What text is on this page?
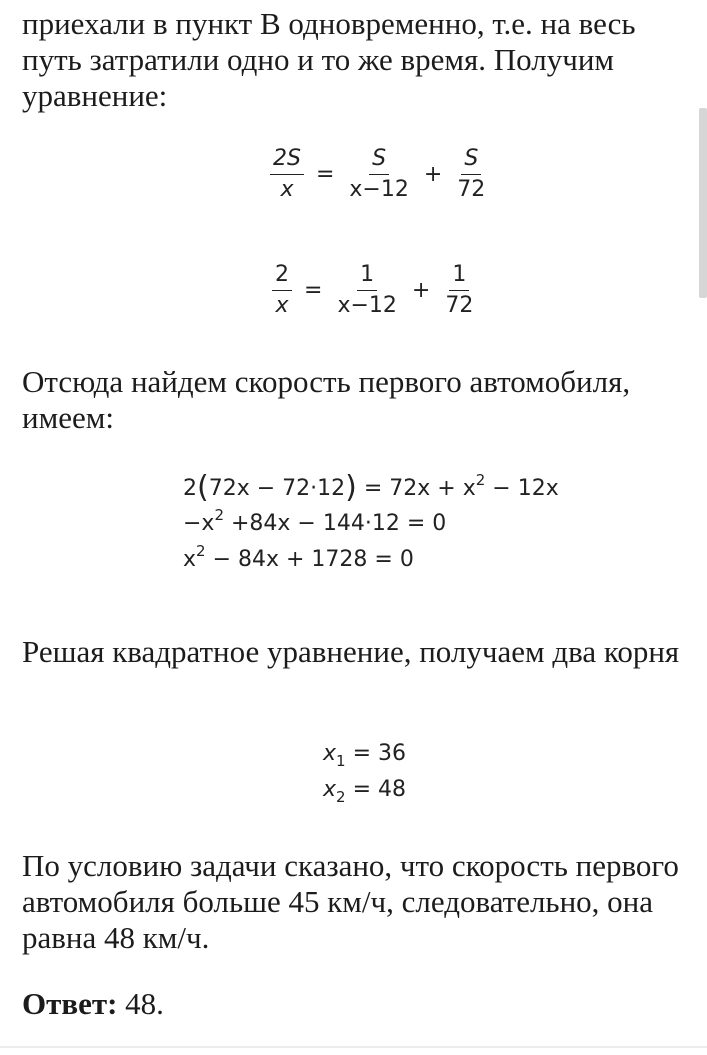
приехали в пункт B одновременно, т.е. на весь путь затратили одно и то же время. Получим уравнение:

$\frac{2S}{x} = \frac{S}{x-12} + \frac{S}{72}$
$\frac{2}{x} = \frac{1}{x-12} + \frac{1}{72}$

Отсюда найдем скорость первого автомобиля, имеем:

$2(72x - 72\cdot 12) = 72x + x^2 - 12x$
$-x^2 +84x - 144\cdot 12 = 0$
$x^2 - 84x + 1728 = 0$

Решая квадратное уравнение, получаем два корня

$x_1 = 36$
$x_2 = 48$

По условию задачи сказано, что скорость первого автомобиля больше 45 км/ч, следовательно, она равна 48 км/ч.

Ответ: 48.
